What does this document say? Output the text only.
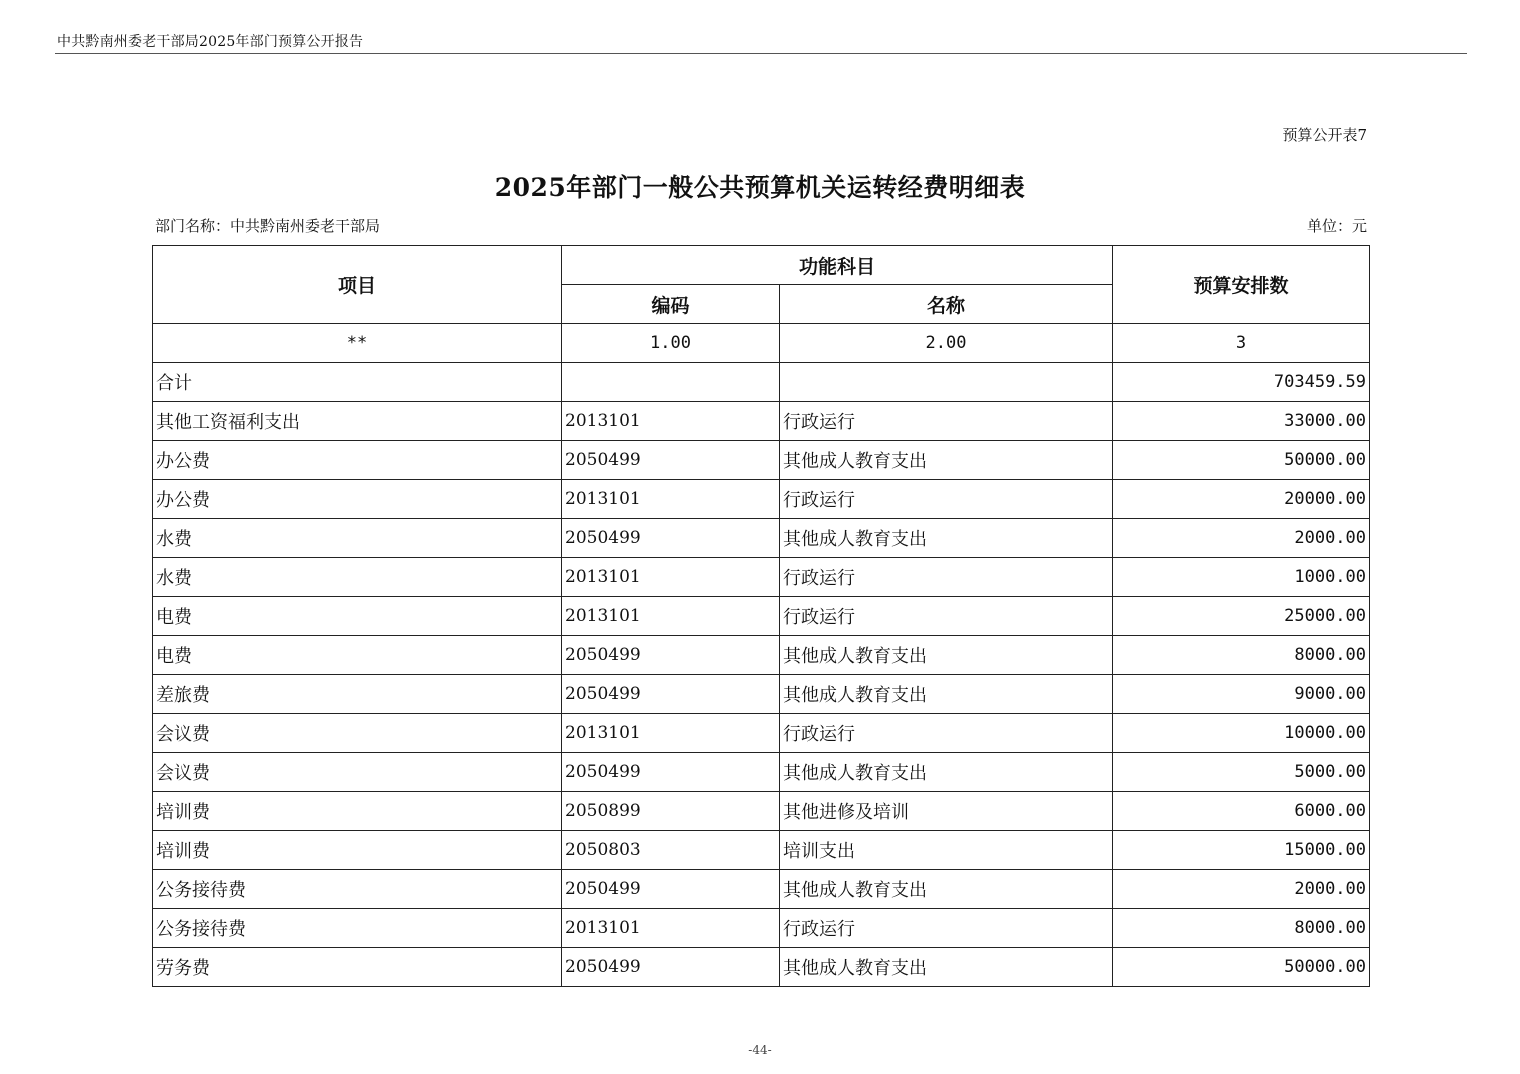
中共黔南州委老干部局2025年部门预算公开报告
预算公开表7
2025年部门一般公共预算机关运转经费明细表
部门名称：中共黔南州委老干部局	单位：元
项目	功能科目		预算安排数
	编码	名称	
**	1.00	2.00	3
合计			703459.59
其他工资福利支出	2013101	行政运行	33000.00
办公费	2050499	其他成人教育支出	50000.00
办公费	2013101	行政运行	20000.00
水费	2050499	其他成人教育支出	2000.00
水费	2013101	行政运行	1000.00
电费	2013101	行政运行	25000.00
电费	2050499	其他成人教育支出	8000.00
差旅费	2050499	其他成人教育支出	9000.00
会议费	2013101	行政运行	10000.00
会议费	2050499	其他成人教育支出	5000.00
培训费	2050899	其他进修及培训	6000.00
培训费	2050803	培训支出	15000.00
公务接待费	2050499	其他成人教育支出	2000.00
公务接待费	2013101	行政运行	8000.00
劳务费	2050499	其他成人教育支出	50000.00
-44-
